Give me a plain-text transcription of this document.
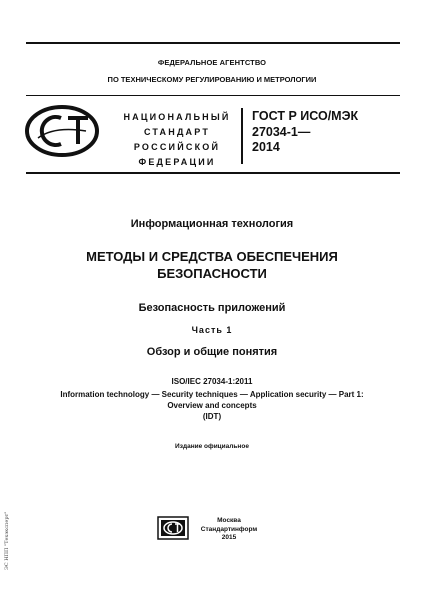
ФЕДЕРАЛЬНОЕ АГЕНТСТВО
ПО ТЕХНИЧЕСКОМУ РЕГУЛИРОВАНИЮ И МЕТРОЛОГИИ
НАЦИОНАЛЬНЫЙ
СТАНДАРТ
РОССИЙСКОЙ
ФЕДЕРАЦИИ
ГОСТ Р ИСО/МЭК
27034-1—
2014
Информационная технология
МЕТОДЫ И СРЕДСТВА ОБЕСПЕЧЕНИЯ
БЕЗОПАСНОСТИ
Безопасность приложений
Часть 1
Обзор и общие понятия
ISO/IEC 27034-1:2011
Information technology — Security techniques — Application security — Part 1:
Overview and concepts
(IDT)
Издание официальное
Москва
Стандартинформ
2015
ЭС НПП "Техэксперт"
